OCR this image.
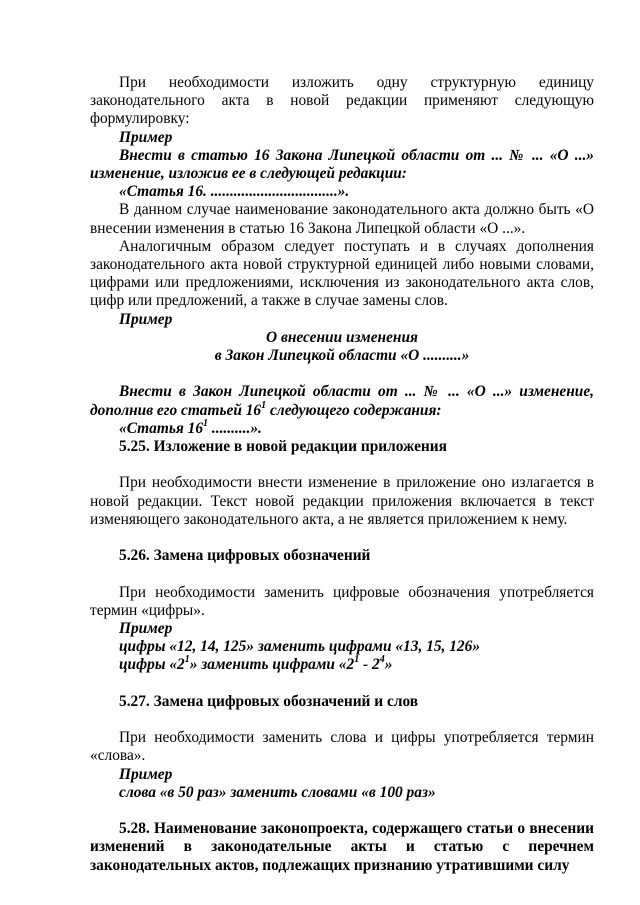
При необходимости изложить одну структурную единицу

законодательного акта в новой редакции применяют следующую

формулировку:

Пример

Внести в статью 16 Закона Липецкой области от ... № ... «О ...»

изменение, изложив ее в следующей редакции:

«Статья 16. .................................».

В данном случае наименование законодательного акта должно быть «О внесении изменения в статью 16 Закона Липецкой области «О ...».

Аналогичным образом следует поступать и в случаях дополнения законодательного акта новой структурной единицей либо новыми словами, цифрами или предложениями, исключения из законодательного акта слов, цифр или предложений, а также в случае замены слов.

Пример

О внесении изменения

в Закон Липецкой области «О ..........»

Внести в Закон Липецкой области от ... № ... «О ...» изменение,

дополнив его статьей $16^1$ следующего содержания:

«Статья $16^1$ ..........».

5.25. Изложение в новой редакции приложения

При необходимости внести изменение в приложение оно излагается в новой редакции. Текст новой редакции приложения включается в текст изменяющего законодательного акта, а не является приложением к нему.

5.26. Замена цифровых обозначений

При необходимости заменить цифровые обозначения употребляется термин «цифры».

Пример

цифры «12, 14, 125» заменить цифрами «13, 15, 126»

цифры «$2^1$» заменить цифрами «$2^1 - 2^4$»

5.27. Замена цифровых обозначений и слов

При необходимости заменить слова и цифры употребляется термин «слова».

Пример

слова «в 50 раз» заменить словами «в 100 раз»

5.28. Наименование законопроекта, содержащего статьи о внесении изменений в законодательные акты и статью с перечнем законодательных актов, подлежащих признанию утратившими силу
